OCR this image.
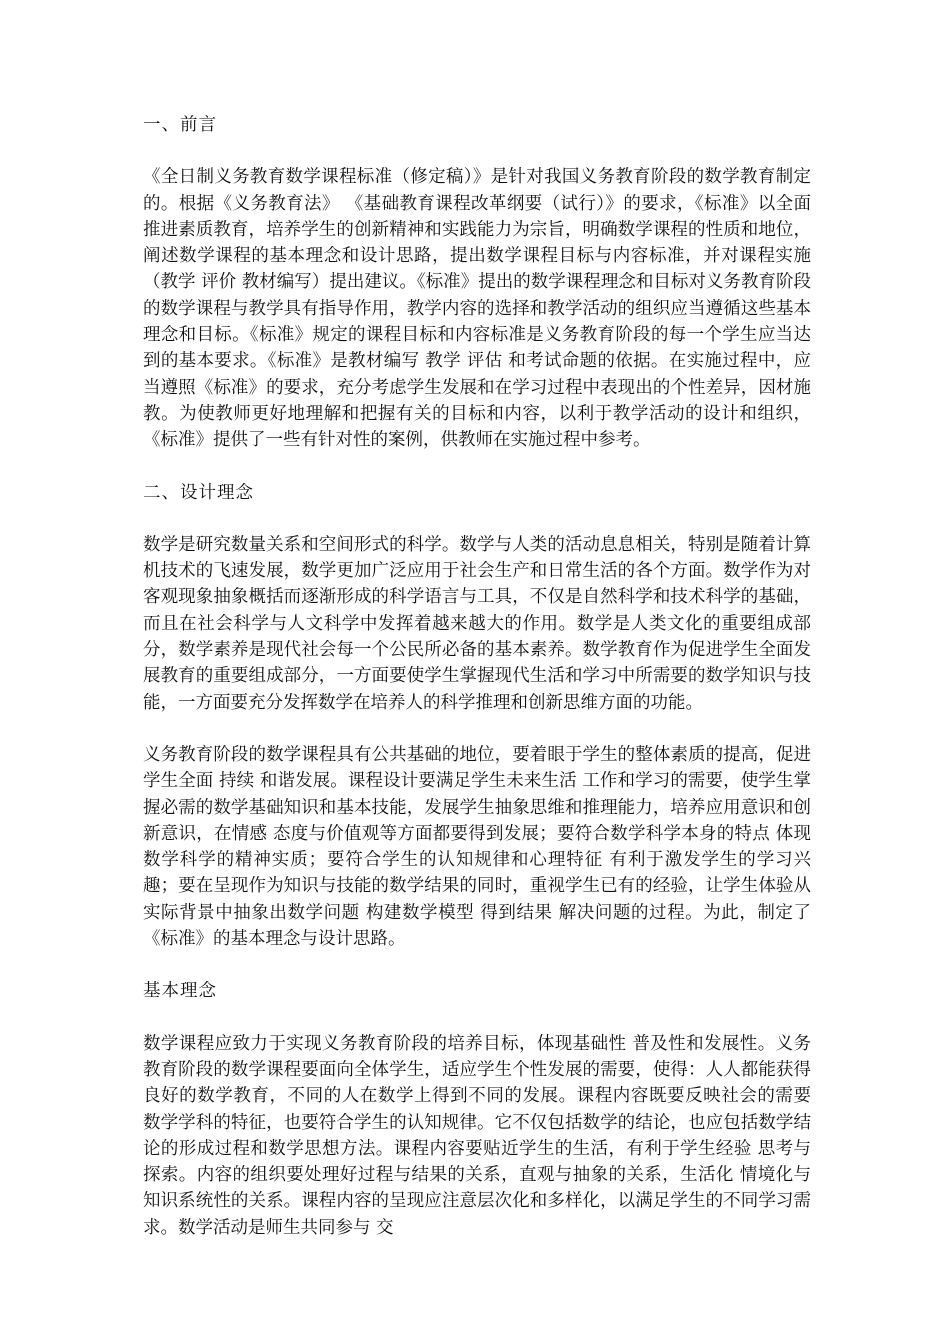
一、前言
《全日制义务教育数学课程标准（修定稿）》是针对我国义务教育阶段的数学教育制定的。根据《义务教育法》 《基础教育课程改革纲要（试行）》的要求，《标准》以全面推进素质教育，培养学生的创新精神和实践能力为宗旨，明确数学课程的性质和地位，阐述数学课程的基本理念和设计思路，提出数学课程目标与内容标准，并对课程实施（教学 评价 教材编写）提出建议。《标准》提出的数学课程理念和目标对义务教育阶段的数学课程与教学具有指导作用，教学内容的选择和教学活动的组织应当遵循这些基本理念和目标。《标准》规定的课程目标和内容标准是义务教育阶段的每一个学生应当达到的基本要求。《标准》是教材编写 教学 评估 和考试命题的依据。在实施过程中，应当遵照《标准》的要求，充分考虑学生发展和在学习过程中表现出的个性差异，因材施教。为使教师更好地理解和把握有关的目标和内容，以利于教学活动的设计和组织，《标准》提供了一些有针对性的案例，供教师在实施过程中参考。
二、设计理念
数学是研究数量关系和空间形式的科学。数学与人类的活动息息相关，特别是随着计算机技术的飞速发展，数学更加广泛应用于社会生产和日常生活的各个方面。数学作为对客观现象抽象概括而逐渐形成的科学语言与工具，不仅是自然科学和技术科学的基础，而且在社会科学与人文科学中发挥着越来越大的作用。数学是人类文化的重要组成部分，数学素养是现代社会每一个公民所必备的基本素养。数学教育作为促进学生全面发展教育的重要组成部分，一方面要使学生掌握现代生活和学习中所需要的数学知识与技能，一方面要充分发挥数学在培养人的科学推理和创新思维方面的功能。
义务教育阶段的数学课程具有公共基础的地位，要着眼于学生的整体素质的提高，促进学生全面 持续 和谐发展。课程设计要满足学生未来生活 工作和学习的需要，使学生掌握必需的数学基础知识和基本技能，发展学生抽象思维和推理能力，培养应用意识和创新意识，在情感 态度与价值观等方面都要得到发展；要符合数学科学本身的特点 体现数学科学的精神实质；要符合学生的认知规律和心理特征 有利于激发学生的学习兴趣；要在呈现作为知识与技能的数学结果的同时，重视学生已有的经验，让学生体验从实际背景中抽象出数学问题 构建数学模型 得到结果 解决问题的过程。为此，制定了《标准》的基本理念与设计思路。
基本理念
数学课程应致力于实现义务教育阶段的培养目标，体现基础性 普及性和发展性。义务教育阶段的数学课程要面向全体学生，适应学生个性发展的需要，使得：人人都能获得良好的数学教育，不同的人在数学上得到不同的发展。课程内容既要反映社会的需要 数学学科的特征，也要符合学生的认知规律。它不仅包括数学的结论，也应包括数学结论的形成过程和数学思想方法。课程内容要贴近学生的生活，有利于学生经验 思考与探索。内容的组织要处理好过程与结果的关系，直观与抽象的关系，生活化 情境化与知识系统性的关系。课程内容的呈现应注意层次化和多样化，以满足学生的不同学习需求。数学活动是师生共同参与 交
